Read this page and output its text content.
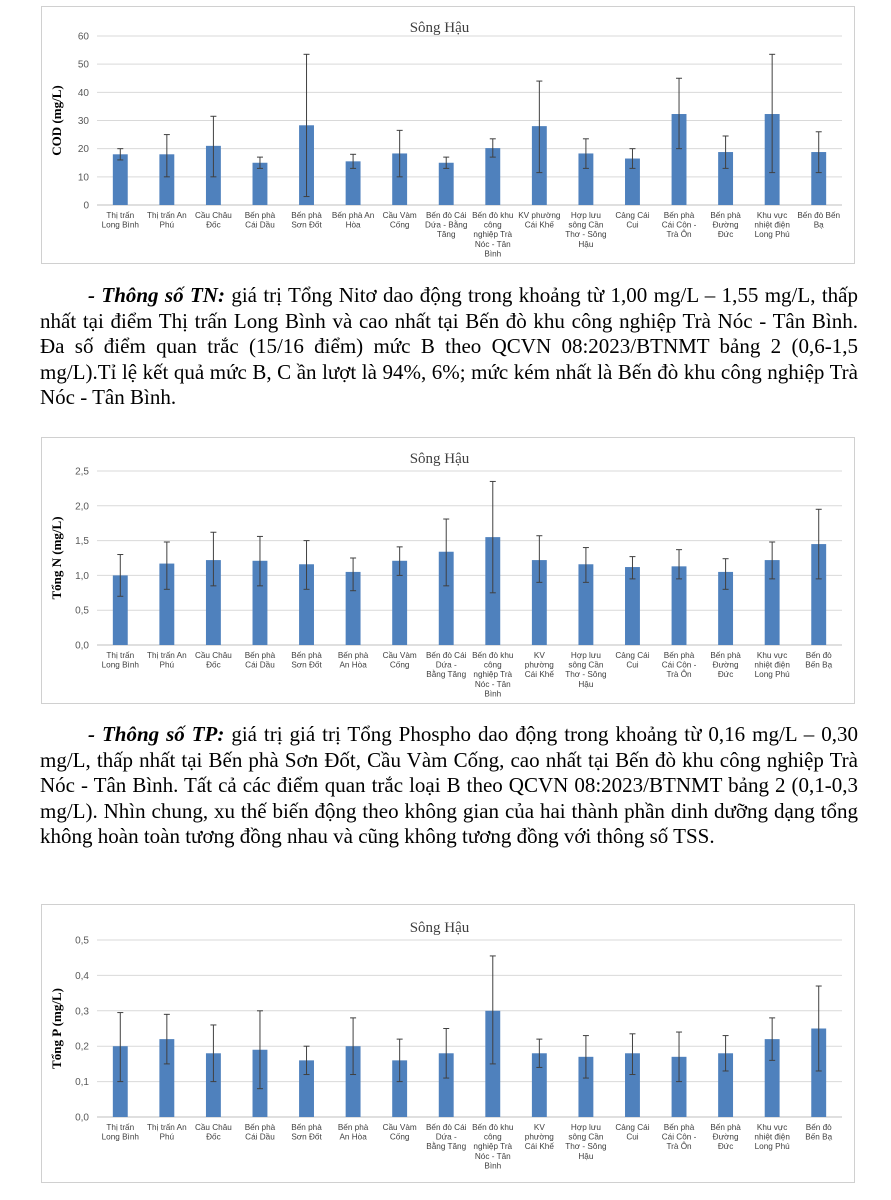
0
10
20
30
40
50
60
Sông Hậu
COD (mg/L)
Thị trấn Long Bình
Thị trấn An Phú
Cầu Châu Đốc
Bến phà Cái Dầu
Bến phà Sơn Đốt
Bến phà An Hòa
Cầu Vàm Cống
Bến đò Cái Dứa - Bằng Tăng
Bến đò khu công nghiệp Trà Nóc - Tân Bình
KV phường Cái Khế
Hợp lưu sông Cần Thơ - Sông Hậu
Cảng Cái Cui
Bến phà Cái Côn -Trà Ôn
Bến phà Đường Đức
Khu vực nhiệt điện Long Phú
Bến đò Bến Bạ

- Thông số TN: giá trị Tổng Nitơ dao động trong khoảng từ 1,00 mg/L – 1,55 mg/L, thấp nhất tại điểm Thị trấn Long Bình và cao nhất tại Bến đò khu công nghiệp Trà Nóc - Tân Bình. Đa số điểm quan trắc (15/16 điểm) mức B theo QCVN 08:2023/BTNMT bảng 2 (0,6-1,5 mg/L).Tỉ lệ kết quả mức B, C ần lượt là 94%, 6%; mức kém nhất là Bến đò khu công nghiệp Trà Nóc - Tân Bình.

0,0
0,5
1,0
1,5
2,0
2,5
Sông Hậu
Tổng N (mg/L)
Thị trấn Long Bình
Thị trấn An Phú
Cầu Châu Đốc
Bến phà Cái Dầu
Bến phà Sơn Đốt
Bến phà An Hòa
Cầu Vàm Cống
Bến đò Cái Dứa -Bằng Tăng
Bến đò khu công nghiệp Trà Nóc - Tân Bình
KV phường Cái Khế
Hợp lưu sông Cần Thơ - Sông Hậu
Cảng Cái Cui
Bến phà Cái Côn -Trà Ôn
Bến phà Đường Đức
Khu vực nhiệt điện Long Phú
Bến đò Bến Bạ

- Thông số TP: giá trị giá trị Tổng Phospho dao động trong khoảng từ 0,16 mg/L – 0,30 mg/L, thấp nhất tại Bến phà Sơn Đốt, Cầu Vàm Cống, cao nhất tại Bến đò khu công nghiệp Trà Nóc - Tân Bình. Tất cả các điểm quan trắc loại B theo QCVN 08:2023/BTNMT bảng 2 (0,1-0,3 mg/L). Nhìn chung, xu thế biến động theo không gian của hai thành phần dinh dưỡng dạng tổng không hoàn toàn tương đồng nhau và cũng không tương đồng với thông số TSS.

0,0
0,1
0,2
0,3
0,4
0,5
Sông Hậu
Tổng P (mg/L)
Thị trấn Long Bình
Thị trấn An Phú
Cầu Châu Đốc
Bến phà Cái Dầu
Bến phà Sơn Đốt
Bến phà An Hòa
Cầu Vàm Cống
Bến đò Cái Dứa -Bằng Tăng
Bến đò khu công nghiệp Trà Nóc - Tân Bình
KV phường Cái Khế
Hợp lưu sông Cần Thơ - Sông Hậu
Cảng Cái Cui
Bến phà Cái Côn -Trà Ôn
Bến phà Đường Đức
Khu vực nhiệt điện Long Phú
Bến đò Bến Bạ
